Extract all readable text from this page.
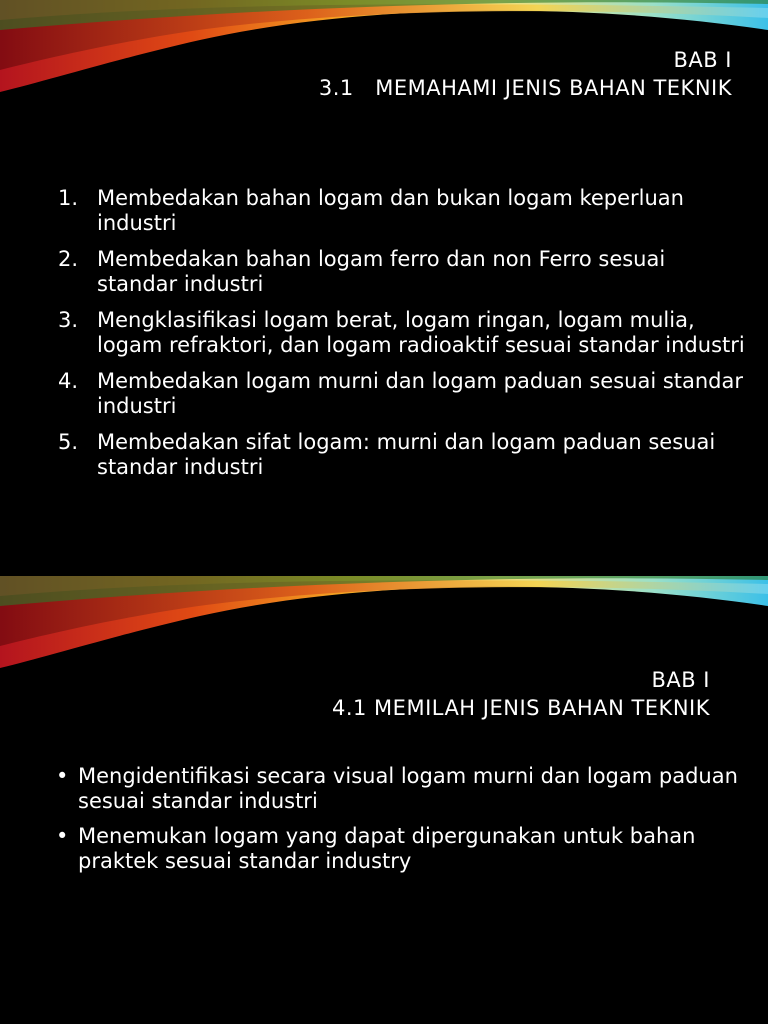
BAB I
3.1   MEMAHAMI JENIS BAHAN TEKNIK
1. Membedakan bahan logam dan bukan logam keperluan industri
2. Membedakan bahan logam ferro dan non Ferro sesuai standar industri
3. Mengklasifikasi logam berat, logam ringan, logam mulia, logam refraktori, dan logam radioaktif sesuai standar industri
4. Membedakan logam murni dan logam paduan sesuai standar industri
5. Membedakan sifat logam: murni dan logam paduan sesuai standar industri
BAB I
4.1 MEMILAH JENIS BAHAN TEKNIK
• Mengidentifikasi secara visual logam murni dan logam paduan sesuai standar industri
• Menemukan logam yang dapat dipergunakan untuk bahan praktek sesuai standar industry
